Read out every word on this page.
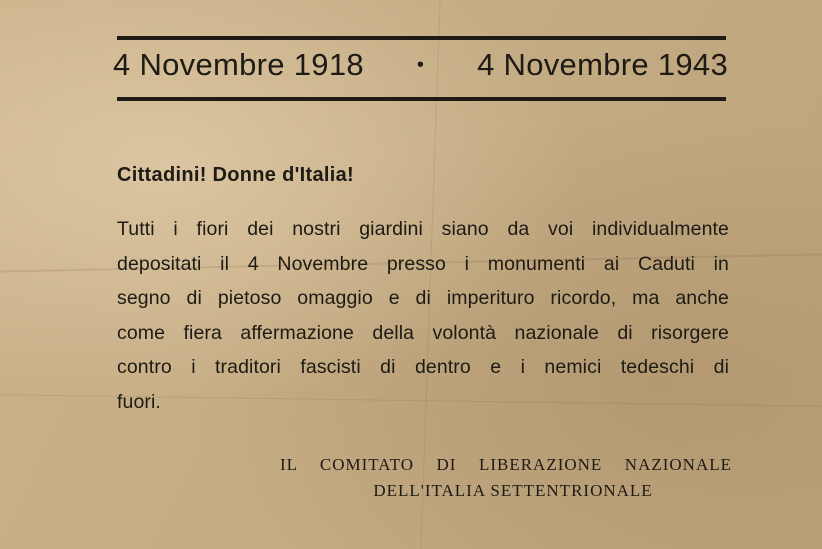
4 Novembre 1918	• 4 Novembre 1943
Cittadini! Donne d'Italia!
Tutti i fiori dei nostri giardini siano da voi individualmente
depositati il 4 Novembre presso i monumenti ai Caduti in
segno di pietoso omaggio e di imperituro ricordo, ma anche
come fiera affermazione della volontà nazionale di risorgere
contro i traditori fascisti di dentro e i nemici tedeschi di
fuori.
IL COMITATO DI LIBERAZIONE NAZIONALE
DELL'ITALIA SETTENTRIONALE
